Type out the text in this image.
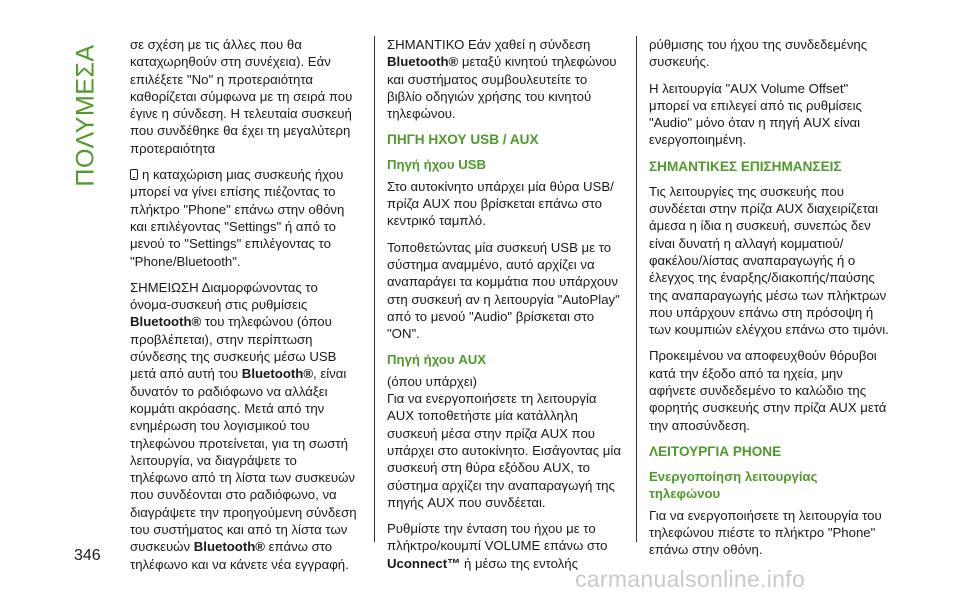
ΠΟΛΥΜΕΣΑ σε σχέση με τις άλλες που θα καταχωρηθούν στη συνέχεια). Εάν επιλέξετε "No" η προτεραιότητα καθορίζεται σύμφωνα με τη σειρά που έγινε η σύνδεση. Η τελευταία συσκευή που συνδέθηκε θα έχει τη μεγαλύτερη προτεραιότητα

η καταχώριση μιας συσκευής ήχου μπορεί να γίνει επίσης πιέζοντας το πλήκτρο "Phone" επάνω στην οθόνη και επιλέγοντας "Settings" ή από το μενού το "Settings" επιλέγοντας το "Phone/Bluetooth".

ΣΗΜΕΙΩΣΗ Διαμορφώνοντας το όνομα-συσκευή στις ρυθμίσεις Bluetooth® του τηλεφώνου (όπου προβλέπεται), στην περίπτωση σύνδεσης της συσκευής μέσω USB μετά από αυτή του Bluetooth®, είναι δυνατόν το ραδιόφωνο να αλλάξει κομμάτι ακρόασης. Μετά από την ενημέρωση του λογισμικού του τηλεφώνου προτείνεται, για τη σωστή λειτουργία, να διαγράψετε το τηλέφωνο από τη λίστα των συσκευών που συνδέονται στο ραδιόφωνο, να διαγράψετε την προηγούμενη σύνδεση του συστήματος και από τη λίστα των συσκευών Bluetooth® επάνω στο τηλέφωνο και να κάνετε νέα εγγραφή.

ΣΗΜΑΝΤΙΚΟ Εάν χαθεί η σύνδεση Bluetooth® μεταξύ κινητού τηλεφώνου και συστήματος συμβουλευτείτε το βιβλίο οδηγιών χρήσης του κινητού τηλεφώνου.

ΠΗΓΗ ΗΧΟΥ USB / AUX
Πηγή ήχου USB

Στο αυτοκίνητο υπάρχει μία θύρα USB/πρίζα AUX που βρίσκεται επάνω στο κεντρικό ταμπλό.

Τοποθετώντας μία συσκευή USB με το σύστημα αναμμένο, αυτό αρχίζει να αναπαράγει τα κομμάτια που υπάρχουν στη συσκευή αν η λειτουργία "AutoPlay" από το μενού "Audio" βρίσκεται στο "ON".

Πηγή ήχου AUX

(όπου υπάρχει)

Για να ενεργοποιήσετε τη λειτουργία AUX τοποθετήστε μία κατάλληλη συσκευή μέσα στην πρίζα AUX που υπάρχει στο αυτοκίνητο. Εισάγοντας μία συσκευή στη θύρα εξόδου AUX, το σύστημα αρχίζει την αναπαραγωγή της πηγής AUX που συνδέεται.

Ρυθμίστε την ένταση του ήχου με το πλήκτρο/κουμπί VOLUME επάνω στο Uconnect™ ή μέσω της εντολής

ρύθμισης του ήχου της συνδεδεμένης συσκευής.

Η λειτουργία "AUX Volume Offset" μπορεί να επιλεγεί από τις ρυθμίσεις "Audio" μόνο όταν η πηγή AUX είναι ενεργοποιημένη.

ΣΗΜΑΝΤΙΚΕΣ ΕΠΙΣΗΜΑΝΣΕΙΣ

Τις λειτουργίες της συσκευής που συνδέεται στην πρίζα AUX διαχειρίζεται άμεσα η ίδια η συσκευή, συνεπώς δεν είναι δυνατή η αλλαγή κομματιού/φακέλου/λίστας αναπαραγωγής ή ο έλεγχος της έναρξης/διακοπής/παύσης της αναπαραγωγής μέσω των πλήκτρων που υπάρχουν επάνω στη πρόσοψη ή των κουμπιών ελέγχου επάνω στο τιμόνι.

Προκειμένου να αποφευχθούν θόρυβοι κατά την έξοδο από τα ηχεία, μην αφήνετε συνδεδεμένο το καλώδιο της φορητής συσκευής στην πρίζα AUX μετά την αποσύνδεση.

ΛΕΙΤΟΥΡΓΙΑ PHONE
Ενεργοποίηση λειτουργίας τηλεφώνου

Για να ενεργοποιήσετε τη λειτουργία του τηλεφώνου πιέστε το πλήκτρο "Phone" επάνω στην οθόνη.

346
carmanualsonline.info
